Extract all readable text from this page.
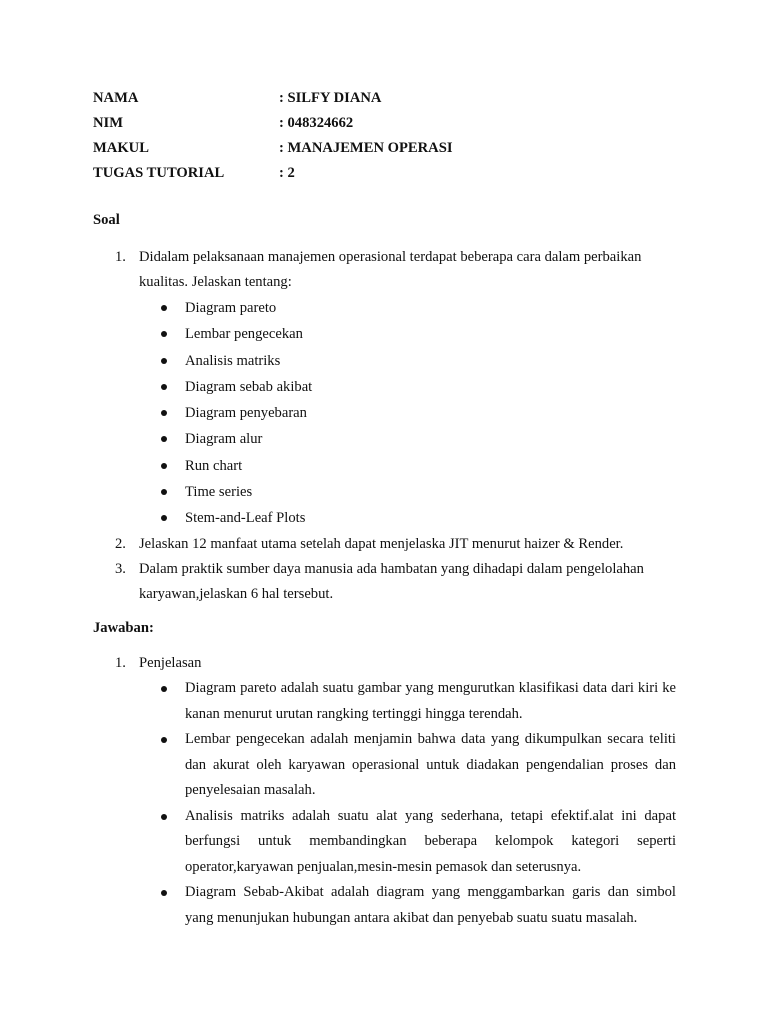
NAMA	: SILFY DIANA
NIM	: 048324662
MAKUL	: MANAJEMEN OPERASI
TUGAS TUTORIAL	: 2
Soal
1. Didalam pelaksanaan manajemen operasional terdapat beberapa cara dalam perbaikan kualitas. Jelaskan tentang:
Diagram pareto
Lembar pengecekan
Analisis matriks
Diagram sebab akibat
Diagram penyebaran
Diagram alur
Run chart
Time series
Stem-and-Leaf Plots
2. Jelaskan 12 manfaat utama setelah dapat menjelaska JIT menurut haizer & Render.
3. Dalam praktik sumber daya manusia ada hambatan yang dihadapi dalam pengelolahan karyawan,jelaskan 6 hal tersebut.
Jawaban:
1. Penjelasan
Diagram pareto adalah suatu gambar yang mengurutkan klasifikasi data dari kiri ke kanan menurut urutan rangking tertinggi hingga terendah.
Lembar pengecekan adalah menjamin bahwa data yang dikumpulkan secara teliti dan akurat oleh karyawan operasional untuk diadakan pengendalian proses dan penyelesaian masalah.
Analisis matriks adalah suatu alat yang sederhana, tetapi efektif.alat ini dapat berfungsi untuk membandingkan beberapa kelompok kategori seperti operator,karyawan penjualan,mesin-mesin pemasok dan seterusnya.
Diagram Sebab-Akibat adalah diagram yang menggambarkan garis dan simbol yang menunjukan hubungan antara akibat dan penyebab suatu suatu masalah.
